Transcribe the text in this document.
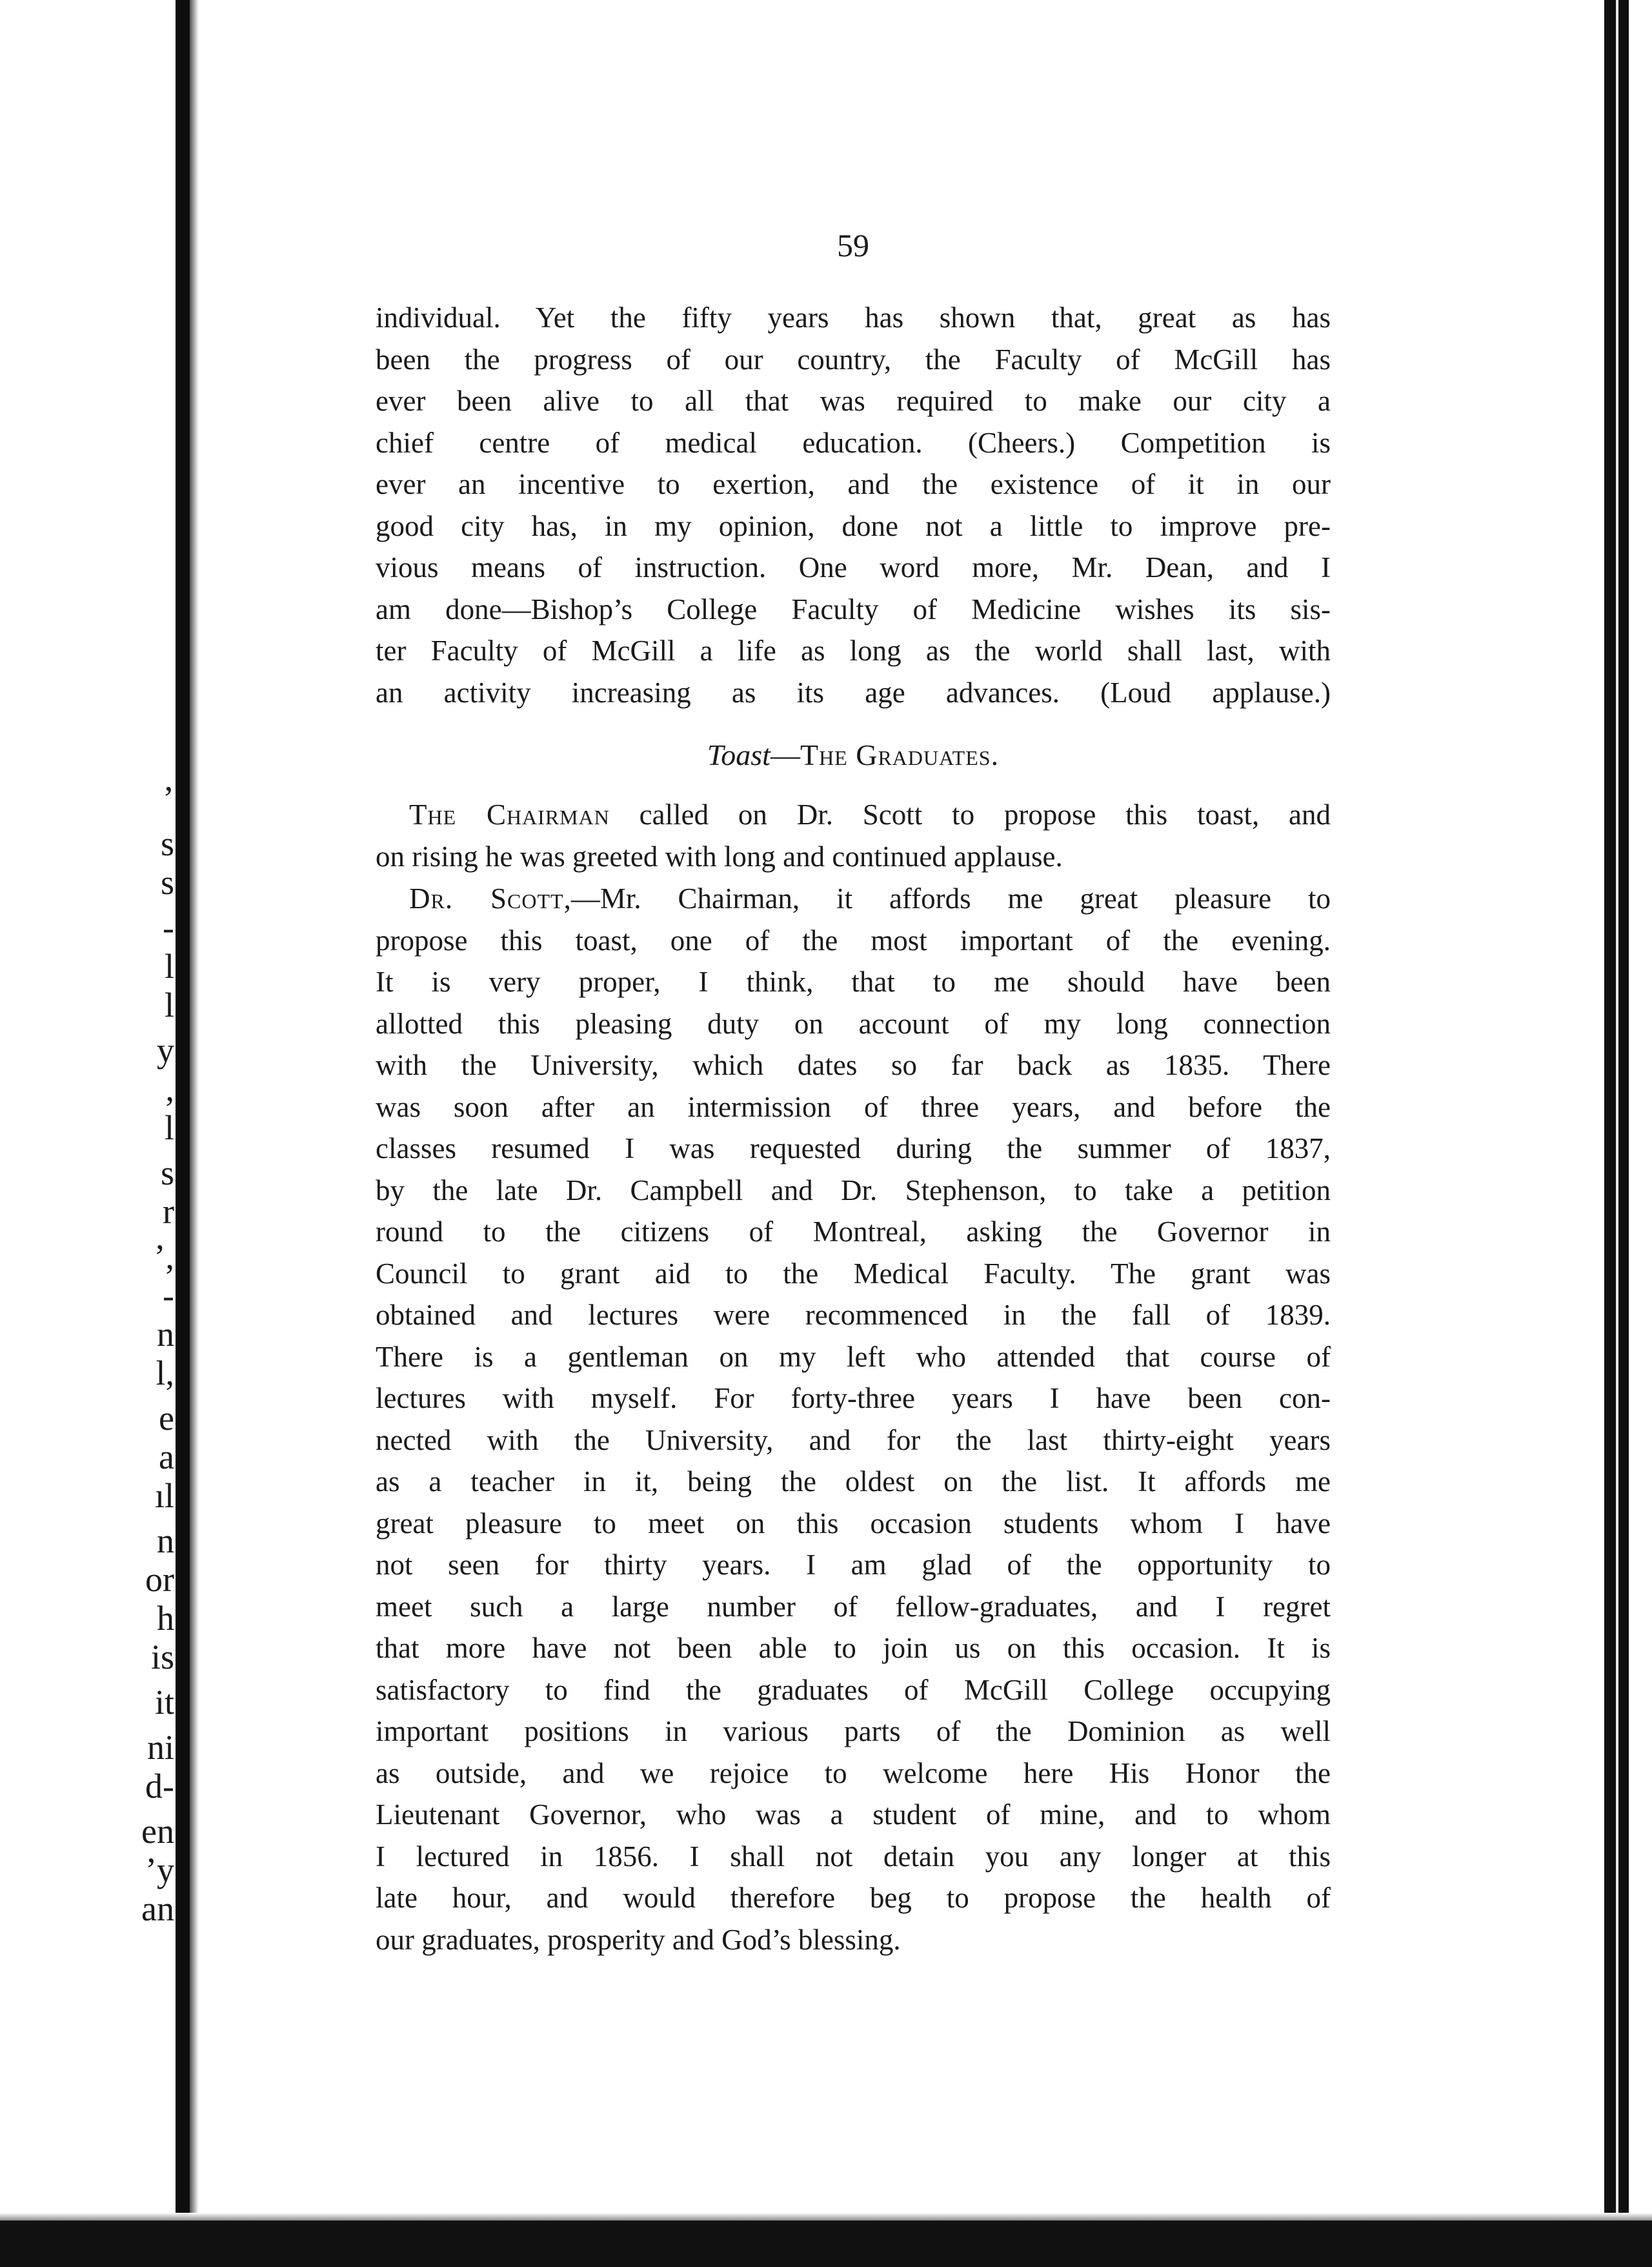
’
s
s
-
l
l
y
,
l
s
r
’,
-
n
l,
e
a
ıl
n
or
h
is
it
ni
d-
en
’y
an
59
individual. Yet the fifty years has shown that, great as has
been the progress of our country, the Faculty of McGill has
ever been alive to all that was required to make our city a
chief centre of medical education. (Cheers.) Competition is
ever an incentive to exertion, and the existence of it in our
good city has, in my opinion, done not a little to improve pre-
vious means of instruction. One word more, Mr. Dean, and I
am done—Bishop’s College Faculty of Medicine wishes its sis-
ter Faculty of McGill a life as long as the world shall last, with
an activity increasing as its age advances. (Loud applause.)
Toast—The Graduates.
The Chairman called on Dr. Scott to propose this toast, and
on rising he was greeted with long and continued applause.
Dr. Scott,—Mr. Chairman, it affords me great pleasure to
propose this toast, one of the most important of the evening.
It is very proper, I think, that to me should have been
allotted this pleasing duty on account of my long connection
with the University, which dates so far back as 1835. There
was soon after an intermission of three years, and before the
classes resumed I was requested during the summer of 1837,
by the late Dr. Campbell and Dr. Stephenson, to take a petition
round to the citizens of Montreal, asking the Governor in
Council to grant aid to the Medical Faculty. The grant was
obtained and lectures were recommenced in the fall of 1839.
There is a gentleman on my left who attended that course of
lectures with myself. For forty-three years I have been con-
nected with the University, and for the last thirty-eight years
as a teacher in it, being the oldest on the list. It affords me
great pleasure to meet on this occasion students whom I have
not seen for thirty years. I am glad of the opportunity to
meet such a large number of fellow-graduates, and I regret
that more have not been able to join us on this occasion. It is
satisfactory to find the graduates of McGill College occupying
important positions in various parts of the Dominion as well
as outside, and we rejoice to welcome here His Honor the
Lieutenant Governor, who was a student of mine, and to whom
I lectured in 1856. I shall not detain you any longer at this
late hour, and would therefore beg to propose the health of
our graduates, prosperity and God’s blessing.
